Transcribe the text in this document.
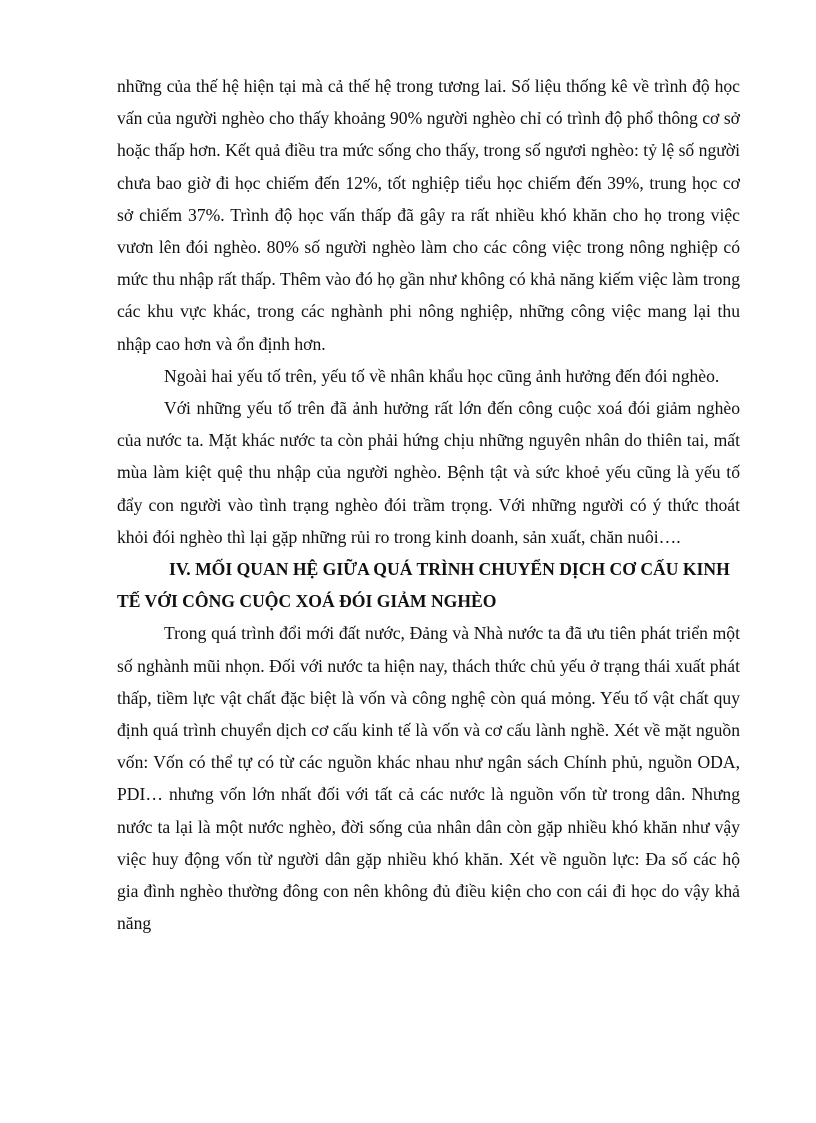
những của thế hệ hiện tại mà cả thế hệ trong tương lai. Số liệu thống kê về trình độ học vấn của người nghèo cho thấy khoảng 90% người nghèo chỉ có trình độ phổ thông cơ sở hoặc thấp hơn. Kết quả điều tra mức sống cho thấy, trong số ngươi nghèo: tỷ lệ số người chưa bao giờ đi học chiếm đến 12%, tốt nghiệp tiểu học chiếm đến 39%, trung học cơ sở chiếm 37%. Trình độ học vấn thấp đã gây ra rất nhiều khó khăn cho họ trong việc vươn lên đói nghèo. 80% số người nghèo làm cho các công việc trong nông nghiệp có mức thu nhập rất thấp. Thêm vào đó họ gần như không có khả năng kiếm việc làm trong các khu vực khác, trong các nghành phi nông nghiệp, những công việc mang lại thu nhập cao hơn và ổn định hơn.

Ngoài hai yếu tố trên, yếu tố về nhân khẩu học cũng ảnh hưởng đến đói nghèo.

Với những yếu tố trên đã ảnh hưởng rất lớn đến công cuộc xoá đói giảm nghèo của nước ta. Mặt khác nước ta còn phải hứng chịu những nguyên nhân do thiên tai, mất mùa làm kiệt quệ thu nhập của người nghèo. Bệnh tật và sức khoẻ yếu cũng là yếu tố đẩy con người vào tình trạng nghèo đói trầm trọng. Với những người có ý thức thoát khỏi đói nghèo thì lại gặp những rủi ro trong kinh doanh, sản xuất, chăn nuôi….

IV. MỐI QUAN HỆ GIỮA QUÁ TRÌNH CHUYỂN DỊCH CƠ CẤU KINH TẾ VỚI CÔNG CUỘC XOÁ ĐÓI GIẢM NGHÈO

Trong quá trình đổi mới đất nước, Đảng và Nhà nước ta đã ưu tiên phát triển một số nghành mũi nhọn. Đối với nước ta hiện nay, thách thức chủ yếu ở trạng thái xuất phát thấp, tiềm lực vật chất đặc biệt là vốn và công nghệ còn quá mỏng. Yếu tố vật chất quy định quá trình chuyển dịch cơ cấu kinh tế là vốn và cơ cấu lành nghề. Xét về mặt nguồn vốn: Vốn có thể tự có từ các nguồn khác nhau như ngân sách Chính phủ, nguồn ODA, PDI… nhưng vốn lớn nhất đối với tất cả các nước là nguồn vốn từ trong dân. Nhưng nước ta lại là một nước nghèo, đời sống của nhân dân còn gặp nhiều khó khăn như vậy việc huy động vốn từ người dân gặp nhiều khó khăn. Xét về nguồn lực: Đa số các hộ gia đình nghèo thường đông con nên không đủ điều kiện cho con cái đi học do vậy khả năng
